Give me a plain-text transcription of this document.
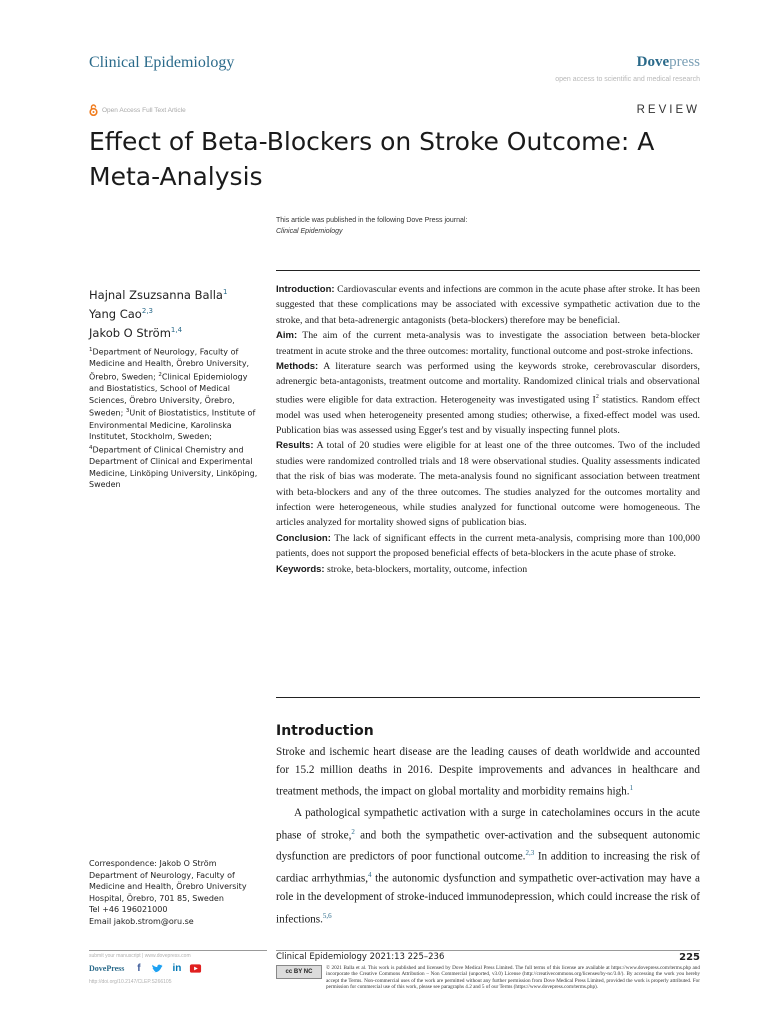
Clinical Epidemiology	Dovepress
open access to scientific and medical research
Open Access Full Text Article	REVIEW
Effect of Beta-Blockers on Stroke Outcome: A
Meta-Analysis
This article was published in the following Dove Press journal:
Clinical Epidemiology
Hajnal Zsuzsanna Balla$^1$
Yang Cao$^{2,3}$
Jakob O Ström$^{1,4}$
$^1$Department of Neurology, Faculty of Medicine and Health, Örebro University, Örebro, Sweden; $^2$Clinical Epidemiology and Biostatistics, School of Medical Sciences, Örebro University, Örebro, Sweden; $^3$Unit of Biostatistics, Institute of Environmental Medicine, Karolinska Institutet, Stockholm, Sweden;
$^4$Department of Clinical Chemistry and Department of Clinical and Experimental Medicine, Linköping University, Linköping, Sweden

Introduction: Cardiovascular events and infections are common in the acute phase after stroke. It has been suggested that these complications may be associated with excessive sympathetic activation due to the stroke, and that beta-adrenergic antagonists (beta-blockers) therefore may be beneficial.

Aim: The aim of the current meta-analysis was to investigate the association between beta-blocker treatment in acute stroke and the three outcomes: mortality, functional outcome and post-stroke infections.

Methods: A literature search was performed using the keywords stroke, cerebrovascular disorders, adrenergic beta-antagonists, treatment outcome and mortality. Randomized clinical trials and observational studies were eligible for data extraction. Heterogeneity was investigated using $I^2$ statistics. Random effect model was used when heterogeneity presented among studies; otherwise, a fixed-effect model was used. Publication bias was assessed using Egger's test and by visually inspecting funnel plots.

Results: A total of 20 studies were eligible for at least one of the three outcomes. Two of the included studies were randomized controlled trials and 18 were observational studies. Quality assessments indicated that the risk of bias was moderate. The meta-analysis found no significant association between treatment with beta-blockers and any of the three outcomes. The studies analyzed for the outcomes mortality and infection were heterogeneous, while studies analyzed for functional outcome were homogeneous. The articles analyzed for mortality showed signs of publication bias.

Conclusion: The lack of significant effects in the current meta-analysis, comprising more than 100,000 patients, does not support the proposed beneficial effects of beta-blockers in the acute phase of stroke.

Keywords: stroke, beta-blockers, mortality, outcome, infection

Introduction

Stroke and ischemic heart disease are the leading causes of death worldwide and accounted for 15.2 million deaths in 2016. Despite improvements and advances in healthcare and treatment methods, the impact on global mortality and morbidity remains high.$^1$

A pathological sympathetic activation with a surge in catecholamines occurs in the acute phase of stroke,$^2$ and both the sympathetic over-activation and the subsequent autonomic dysfunction are predictors of poor functional outcome.$^{2,3}$ In addition to increasing the risk of cardiac arrhythmias,$^4$ the autonomic dysfunction and sympathetic over-activation may have a role in the development of stroke-induced immunodepression, which could increase the risk of infections.$^{5,6}$

Correspondence: Jakob O Ström
Department of Neurology, Faculty of
Medicine and Health, Örebro University
Hospital, Örebro, 701 85, Sweden
Tel +46 196021000
Email jakob.strom@oru.se
submit your manuscript | www.dovepress.com
DovePress	f	in
http://doi.org/10.2147/CLEP.S266105
Clinical Epidemiology 2021:13 225–236	225
cc BY NC
© 2021 Balla et al. This work is published and licensed by Dove Medical Press Limited. The full terms of this license are available at https://www.dovepress.com/terms.php and incorporate the Creative Commons Attribution – Non Commercial (unported, v3.0) License (http://creativecommons.org/licenses/by-nc/3.0/). By accessing the work you hereby accept the Terms. Non-commercial uses of the work are permitted without any further permission from Dove Medical Press Limited, provided the work is properly attributed. For permission for commercial use of this work, please see paragraphs 4.2 and 5 of our Terms (https://www.dovepress.com/terms.php).
